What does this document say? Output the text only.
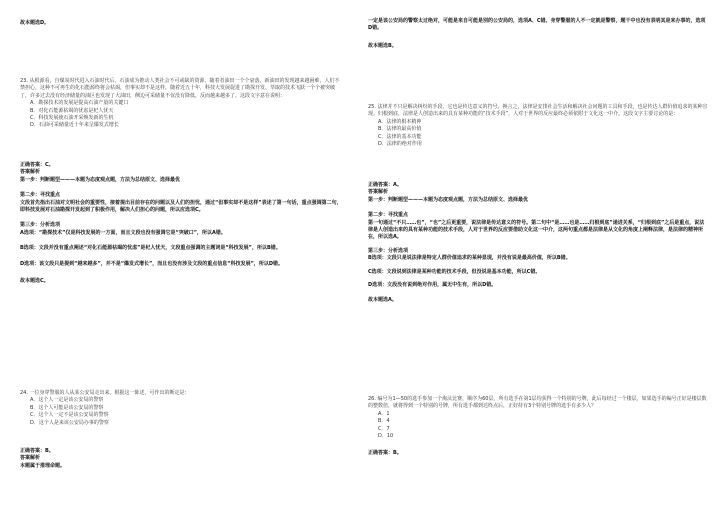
故本题选D。
23. 从根源看，自煤炭时代进入石油时代后，石油成为推动人类社会不可或缺的资源，随着者油田一个个衰落，新油田的发现越来越困难，人们不禁担心，这种不可再生的化石能源终将会枯竭，但事实却不是这样，随着近五十年，科技大发展促进了勘探开发、萃取的技术飞跃一个个被突破了，许多过去没有经济储量的油区也发现了大油田，侧边可采储量不仅没有降低，反而越来越多了，这段文字意在说明：
A．勘探技术的发展是提高石油产量的关键口
B．对化石能源枯竭的忧虑是杞人忧天
C．科技发展使石油开采焕发新的生机
D．石油可采储量近十年来呈爆发式增长
正确答案：C。
答案解析
第一步：判断题型———本题为态度观点题，方法为总结原文、选择最优
第二步：寻找重点
文段首先指出石油对文明社会的重要性，接着提出目前存在的问题以及人们的担忧，通过“但事实却不是这样”表述了第一句话，重点强调第二句，即科技发展对石油勘探开发起到了积极作用，解决人们担心的问题，所以应选项C。
第三步：分析选项
A选项：“勘探技术”仅是科技发展的一方面，而且文段也没有强调它是“突破口”，所以A错。
B选项：文段并没有重点阐述“对化石能源枯竭的忧虑”是杞人忧天，文段重点强调的主题词是“科技发展”，所以B错。
D选项：该文段只是提到“越来越多”，并不是“爆发式增长”，而且也没有涉及文段的重点信息“科技发展”，所以D错。
故本题选C。
24. 一位身穿警服的人从某公安局走出来。根据这一陈述，可作出的断定是：
A．这个人一定是该公安局的警察
B．这个人可能是该公安局的警察
C．这个人一定不是该公安局的警察
D．这个人是来该公安局办事的警察
正确答案：B。
答案解析
本题属于推理命题。
一定是该公安局的警察太过绝对，可能是来自可能是别的公安局的，选项A、C错。身穿警服的人不一定就是警察，题干中也没有表明其是来办事的，选项D错。
故本题选B。
25. 法律并不只是解决纠纷的手段，它也是传达意义的符号。换言之，法律是安排社会生活和解决社会问题的工具和手段，也是传达人群价值追求的某种宣现。归根到底，法律是人创造出来的具有某种功能的“技术手段”，人对于世界的反应最终必须依附于文化这一中介。这段文字主要讨论的是：
A．法律的根本精神
B．法律的最高价值
C．法律的基本功能
D．法律的绝对作用
正确答案：A。
答案解析
第一步：判断题型———本题为态度观点题，方法为总结原文、选择最优
第二步：寻找重点
第一句通过“不只……也”，“也”之后更重要，说法律是传达意义的符号。第二句中“是……也是……归根到底”递进关系，“归根到底”之后是重点，说法律是人创造出来的具有某种功能的技术手段，人对于世界的反应要借助文化这一中介，这两句重点都是法律是从文化的角度上阐释法律，是法律的精神所在，所以选A。
第三步：分析选项
B选项：文段只是说法律是特定人群价值追求的某种显现，并没有说是最高价值，所以B错。
C选项：文段说到法律是某种功能的技术手段，但没说是基本功能，所以C错。
D选项：文段没有说到绝对作用，属无中生有，所以D错。
故本题选A。
26. 编号为1—50的选手参加一个淘汰比赛，顺序为60层，所有选手在第1层均获得一个特别的号牌，此后每经过一个楼层，如果选手的编号正好是楼层数的整数倍，就将得到一个特别的号牌，所有选手都到达终点后，正好持有3个特别号牌的选手有多少人？
A．1
B．4
C．7
D．10
正确答案：B。
